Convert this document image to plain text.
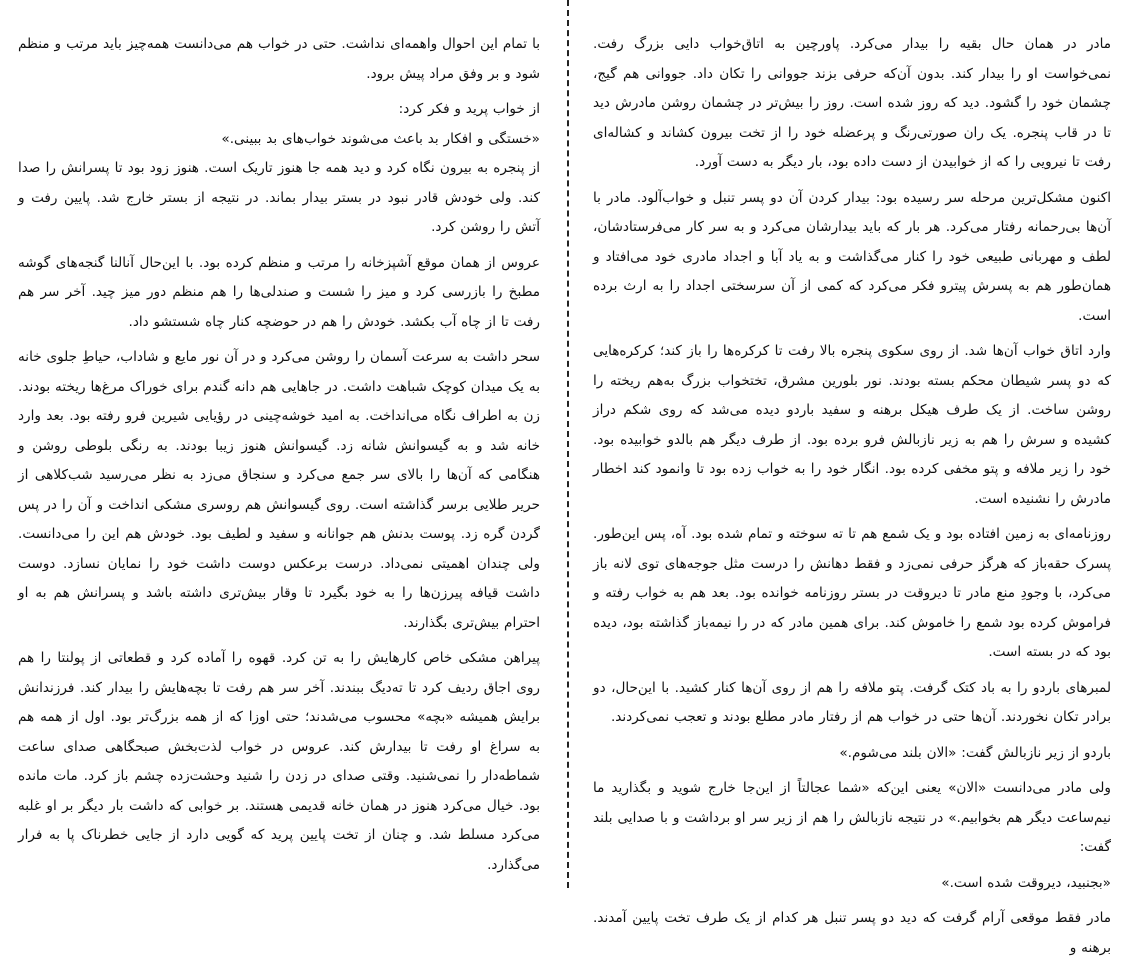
مادر در همان حال بقیه را بیدار می‌کرد. پاورچین به اتاق‌خواب دایی بزرگ رفت. نمی‌خواست او را بیدار کند. بدون آن‌که حرفی بزند جووانی را تکان داد. جووانی هم گیج، چشمان خود را گشود. دید که روز شده است. روز را بیش‌تر در چشمان روشن مادرش دید تا در قاب پنجره. یک ران صورتی‌رنگ و پرعضله خود را از تخت بیرون کشاند و کشاله‌ای رفت تا نیرویی را که از خوابیدن از دست داده بود، بار دیگر به دست آورد.

اکنون مشکل‌ترین مرحله سر رسیده بود: بیدار کردن آن دو پسر تنبل و خواب‌آلود. مادر با آن‌ها بی‌رحمانه رفتار می‌کرد. هر بار که باید بیدارشان می‌کرد و به سر کار می‌فرستادشان، لطف و مهربانی طبیعی خود را کنار می‌گذاشت و به یاد آبا و اجداد مادری خود می‌افتاد و همان‌طور هم به پسرش پیترو فکر می‌کرد که کمی از آن سرسختی اجداد را به ارث برده است.

وارد اتاق خواب آن‌ها شد. از روی سکوی پنجره بالا رفت تا کرکره‌ها را باز کند؛ کرکره‌هایی که دو پسر شیطان محکم بسته بودند. نور بلورین مشرق، تختخواب بزرگ به‌هم ریخته را روشن ساخت. از یک طرف هیکل برهنه و سفید باردو دیده می‌شد که روی شکم دراز کشیده و سرش را هم به زیر نازبالش فرو برده بود. از طرف دیگر هم بالدو خوابیده بود. خود را زیر ملافه و پتو مخفی کرده بود. انگار خود را به خواب زده بود تا وانمود کند اخطار مادرش را نشنیده است.

روزنامه‌ای به زمین افتاده بود و یک شمع هم تا ته سوخته و تمام شده بود. آه، پس این‌طور. پسرک حقه‌باز که هرگز حرفی نمی‌زد و فقط دهانش را درست مثل جوجه‌های توی لانه باز می‌کرد، با وجودِ منع مادر تا دیروقت در بستر روزنامه خوانده بود. بعد هم به خواب رفته و فراموش کرده بود شمع را خاموش کند. برای همین مادر که در را نیمه‌باز گذاشته بود، دیده بود که در بسته است.

لمبرهای باردو را به باد کتک گرفت. پتو ملافه را هم از روی آن‌ها کنار کشید. با این‌حال، دو برادر تکان نخوردند. آن‌ها حتی در خواب هم از رفتار مادر مطلع بودند و تعجب نمی‌کردند.

باردو از زیر نازبالش گفت: «الان بلند می‌شوم.»

ولی مادر می‌دانست «الان» یعنی این‌که «شما عجالتاً از این‌جا خارج شوید و بگذارید ما نیم‌ساعت دیگر هم بخوابیم.» در نتیجه نازبالش را هم از زیر سر او برداشت و با صدایی بلند گفت:

«بجنبید، دیروقت شده است.»

مادر فقط موقعی آرام گرفت که دید دو پسر تنبل هر کدام از یک طرف تخت پایین آمدند. برهنه و

با تمام این احوال واهمه‌ای نداشت. حتی در خواب هم می‌دانست همه‌چیز باید مرتب و منظم شود و بر وفق مراد پیش برود.

از خواب پرید و فکر کرد:

«خستگی و افکار بد باعث می‌شوند خواب‌های بد ببینی.»

از پنجره به بیرون نگاه کرد و دید همه جا هنوز تاریک است. هنوز زود بود تا پسرانش را صدا کند. ولی خودش قادر نبود در بستر بیدار بماند. در نتیجه از بستر خارج شد. پایین رفت و آتش را روشن کرد.

عروس از همان موقع آشپزخانه را مرتب و منظم کرده بود. با این‌حال آنالنا گنجه‌های گوشه مطبخ را بازرسی کرد و میز را شست و صندلی‌ها را هم منظم دور میز چید. آخر سر هم رفت تا از چاه آب بکشد. خودش را هم در حوضچه کنار چاه شستشو داد.

سحر داشت به سرعت آسمان را روشن می‌کرد و در آن نور مایع و شاداب، حیاطِ جلوی خانه به یک میدان کوچک شباهت داشت. در جاهایی هم دانه گندم برای خوراک مرغ‌ها ریخته بودند. زن به اطراف نگاه می‌انداخت. به امید خوشه‌چینی در رؤیایی شیرین فرو رفته بود. بعد وارد خانه شد و به گیسوانش شانه زد. گیسوانش هنوز زیبا بودند. به رنگی بلوطی روشن و هنگامی که آن‌ها را بالای سر جمع می‌کرد و سنجاق می‌زد به نظر می‌رسید شب‌کلاهی از حریر طلایی برسر گذاشته است. روی گیسوانش هم روسری مشکی انداخت و آن را در پس گردن گره زد. پوست بدنش هم جوانانه و سفید و لطیف بود. خودش هم این را می‌دانست. ولی چندان اهمیتی نمی‌داد. درست برعکس دوست داشت خود را نمایان نسازد. دوست داشت قیافه پیرزن‌ها را به خود بگیرد تا وقار بیش‌تری داشته باشد و پسرانش هم به او احترام بیش‌تری بگذارند.

پیراهن مشکی خاص کارهایش را به تن کرد. قهوه را آماده کرد و قطعاتی از پولنتا را هم روی اجاق ردیف کرد تا ته‌دیگ ببندند. آخر سر هم رفت تا بچه‌هایش را بیدار کند. فرزندانش برایش همیشه «بچه» محسوب می‌شدند؛ حتی اوزا که از همه بزرگ‌تر بود. اول از همه هم به سراغ او رفت تا بیدارش کند. عروس در خواب لذت‌بخش صبحگاهی صدای ساعت شماطه‌دار را نمی‌شنید. وقتی صدای در زدن را شنید وحشت‌زده چشم باز کرد. مات مانده بود. خیال می‌کرد هنوز در همان خانه قدیمی هستند. بر خوابی که داشت بار دیگر بر او غلبه می‌کرد مسلط شد. و چنان از تخت پایین پرید که گویی دارد از جایی خطرناک پا به فرار می‌گذارد.
